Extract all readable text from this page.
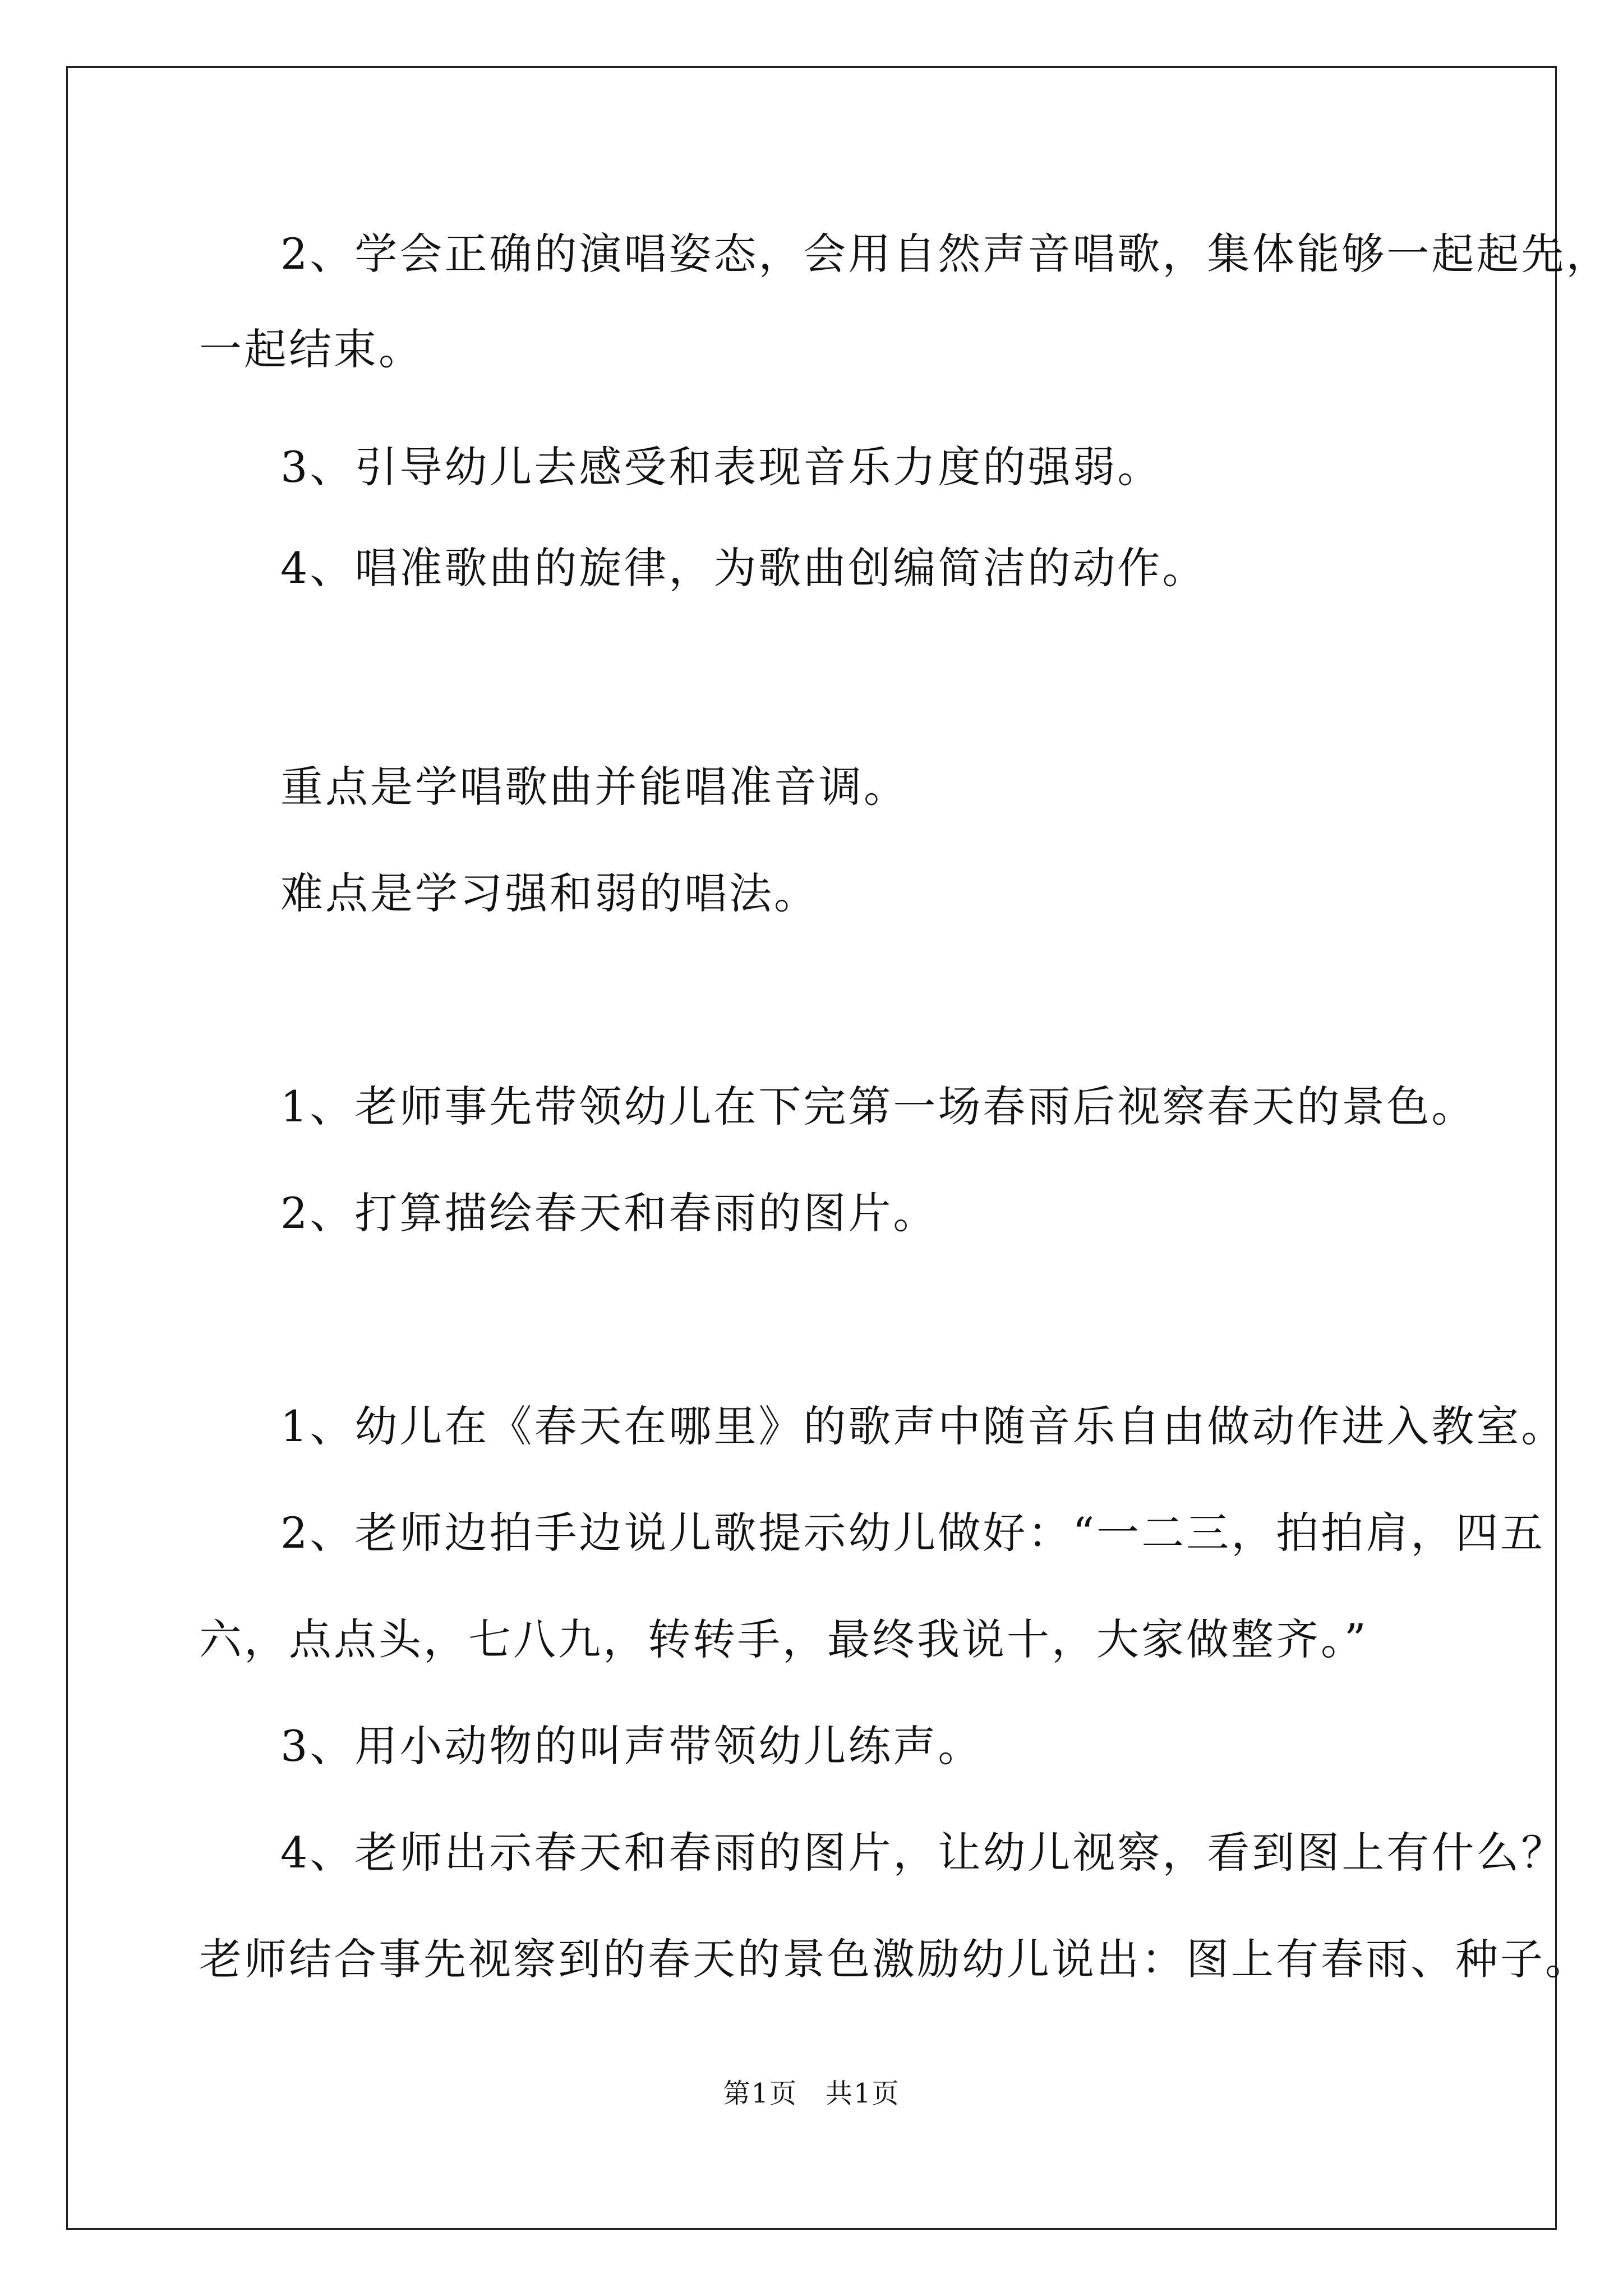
2、学会正确的演唱姿态，会用自然声音唱歌，集体能够一起起先，
一起结束。
3、引导幼儿去感受和表现音乐力度的强弱。
4、唱准歌曲的旋律，为歌曲创编简洁的动作。
重点是学唱歌曲并能唱准音调。
难点是学习强和弱的唱法。
1、老师事先带领幼儿在下完第一场春雨后视察春天的景色。
2、打算描绘春天和春雨的图片。
1、幼儿在《春天在哪里》的歌声中随音乐自由做动作进入教室。
2、老师边拍手边说儿歌提示幼儿做好：“一二三，拍拍肩，四五
六，点点头，七八九，转转手，最终我说十，大家做整齐。”
3、用小动物的叫声带领幼儿练声。
4、老师出示春天和春雨的图片，让幼儿视察，看到图上有什么？
老师结合事先视察到的春天的景色激励幼儿说出：图上有春雨、种子。
第1页　共1页
